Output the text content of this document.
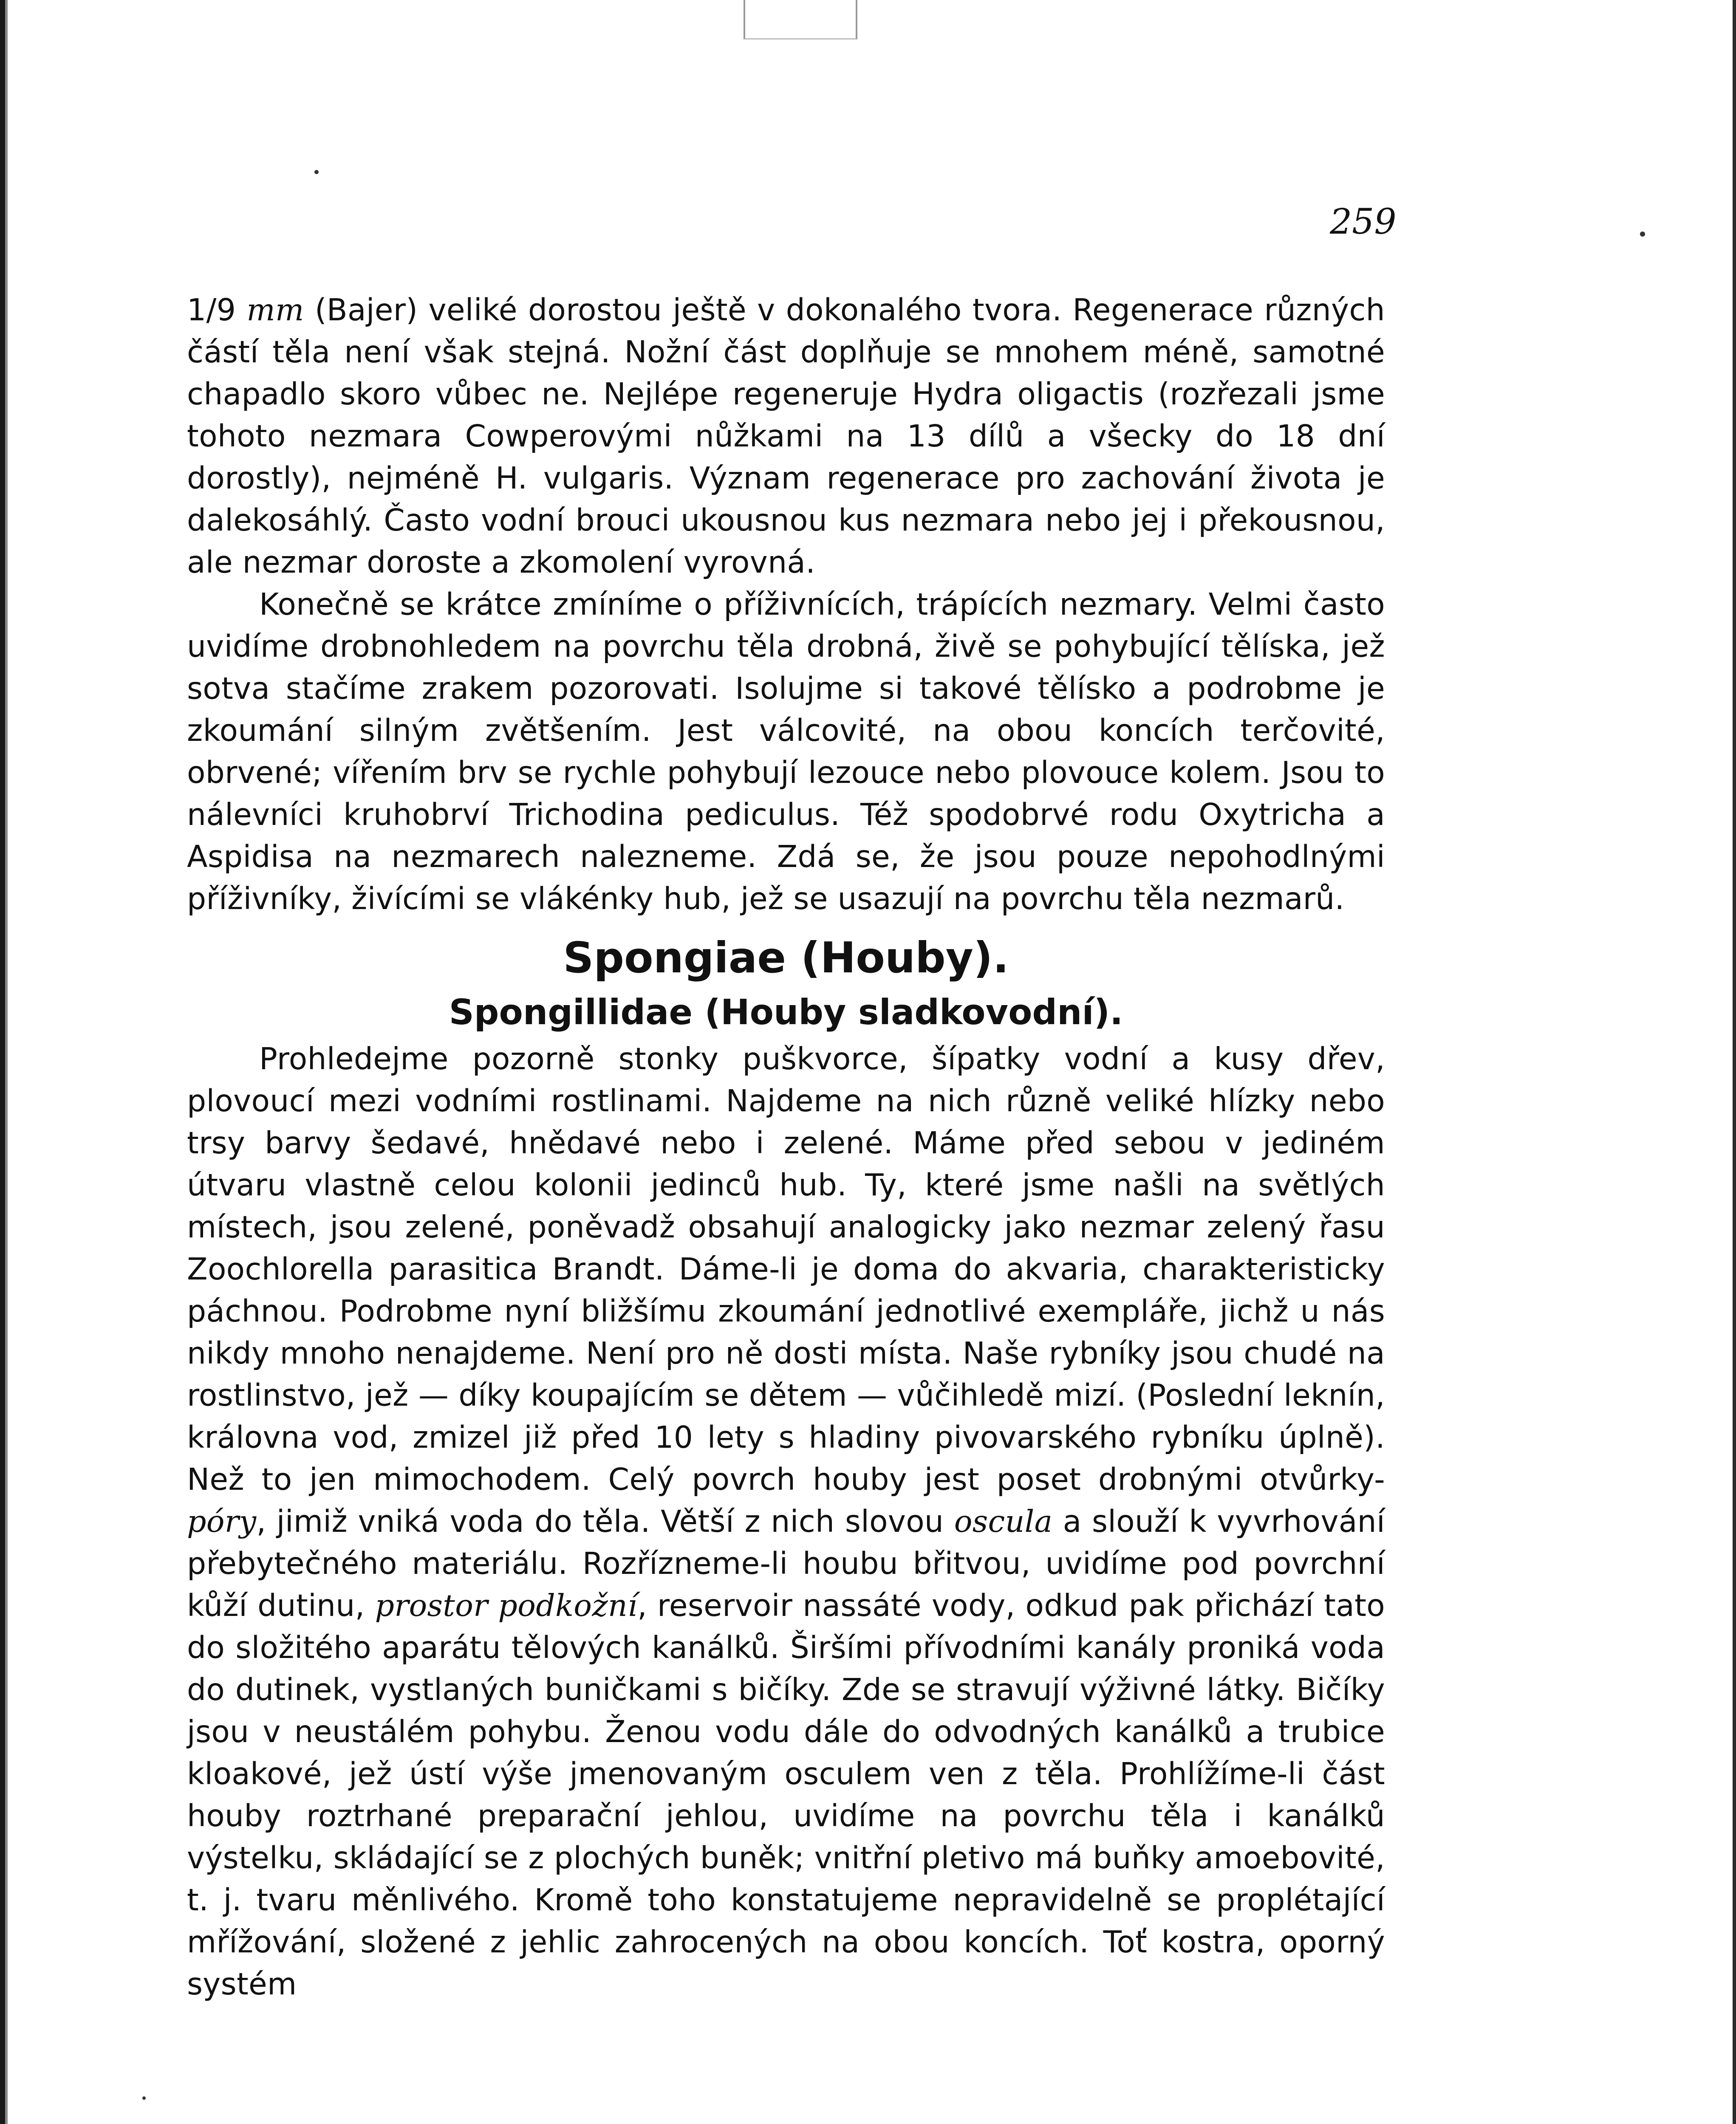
259

1/9 mm (Bajer) veliké dorostou ještě v dokonalého tvora. Regenerace různých částí těla není však stejná. Nožní část doplňuje se mnohem méně, samotné chapadlo skoro vůbec ne. Nejlépe regeneruje Hydra oligactis (rozřezali jsme tohoto nezmara Cowperovými nůžkami na 13 dílů a všecky do 18 dní dorostly), nejméně H. vulgaris. Význam regenerace pro zachování života je dalekosáhlý. Často vodní brouci ukousnou kus nezmara nebo jej i překousnou, ale nezmar doroste a zkomolení vyrovná.

Konečně se krátce zmíníme o příživnících, trápících nezmary. Velmi často uvidíme drobnohledem na povrchu těla drobná, živě se pohybující tělíska, jež sotva stačíme zrakem pozorovati. Isolujme si takové tělísko a podrobme je zkoumání silným zvětšením. Jest válcovité, na obou koncích terčovité, obrvené; vířením brv se rychle pohybují lezouce nebo plovouce kolem. Jsou to nálevníci kruhobrví Trichodina pediculus. Též spodobrvé rodu Oxytricha a Aspidisa na nezmarech nalezneme. Zdá se, že jsou pouze nepohodlnými příživníky, živícími se vlákénky hub, jež se usazují na povrchu těla nezmarů.

Spongiae (Houby).
Spongillidae (Houby sladkovodní).

Prohledejme pozorně stonky puškvorce, šípatky vodní a kusy dřev, plovoucí mezi vodními rostlinami. Najdeme na nich různě veliké hlízky nebo trsy barvy šedavé, hnědavé nebo i zelené. Máme před sebou v jediném útvaru vlastně celou kolonii jedinců hub. Ty, které jsme našli na světlých místech, jsou zelené, poněvadž obsahují analogicky jako nezmar zelený řasu Zoochlorella parasitica Brandt. Dáme-li je doma do akvaria, charakteristicky páchnou. Podrobme nyní bližšímu zkoumání jednotlivé exempláře, jichž u nás nikdy mnoho nenajdeme. Není pro ně dosti místa. Naše rybníky jsou chudé na rostlinstvo, jež — díky koupajícím se dětem — vůčihledě mizí. (Poslední leknín, královna vod, zmizel již před 10 lety s hladiny pivovarského rybníku úplně). Než to jen mimochodem. Celý povrch houby jest poset drobnými otvůrky-póry, jimiž vniká voda do těla. Větší z nich slovou oscula a slouží k vyvrhování přebytečného materiálu. Rozřízneme-li houbu břitvou, uvidíme pod povrchní kůží dutinu, prostor podkožní, reservoir nassáté vody, odkud pak přichází tato do složitého aparátu tělových kanálků. Širšími přívodními kanály proniká voda do dutinek, vystlaných buničkami s bičíky. Zde se stravují výživné látky. Bičíky jsou v neustálém pohybu. Ženou vodu dále do odvodných kanálků a trubice kloakové, jež ústí výše jmenovaným osculem ven z těla. Prohlížíme-li část houby roztrhané preparační jehlou, uvidíme na povrchu těla i kanálků výstelku, skládající se z plochých buněk; vnitřní pletivo má buňky amoebovité, t. j. tvaru měnlivého. Kromě toho konstatujeme nepravidelně se proplétající mřížování, složené z jehlic zahrocených na obou koncích. Toť kostra, oporný systém
